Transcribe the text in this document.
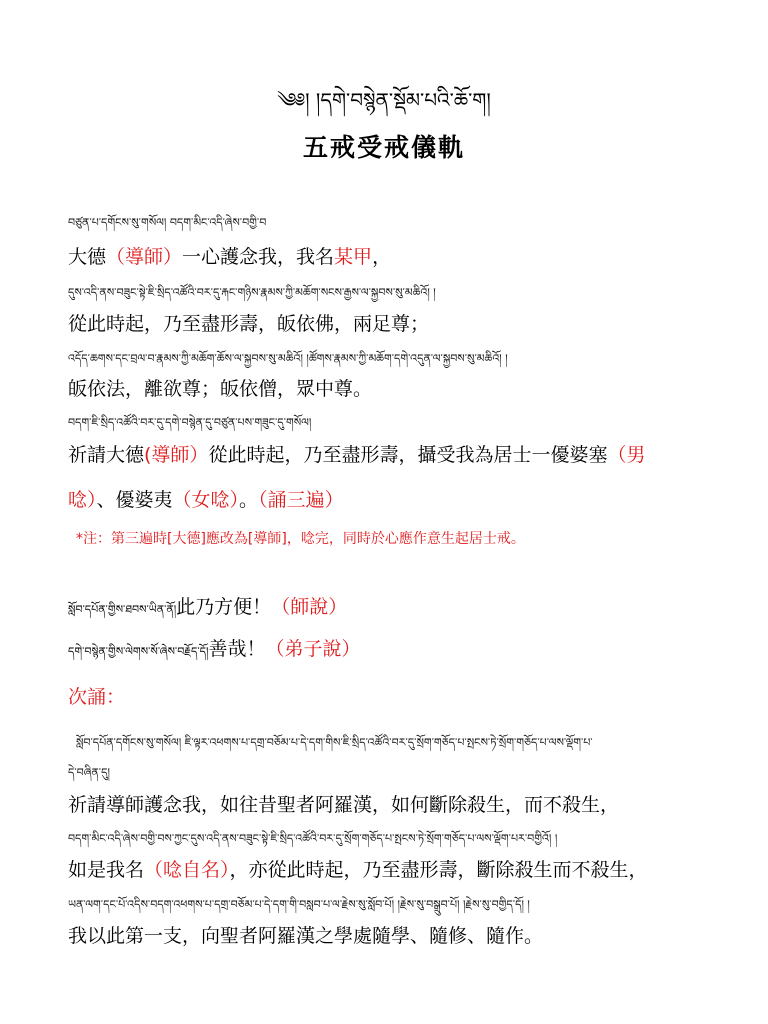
༄༅། །དགེ་བསྙེན་སྡོམ་པའི་ཆོ་ག།
五戒受戒儀軌
བཙུན་པ་དགོངས་སུ་གསོལ། བདག་མིང་འདི་ཞེས་བགྱི་བ
大德（導師）一心護念我，我名某甲，
དུས་འདི་ནས་བཟུང་སྟེ་ཇི་སྲིད་འཚོའི་བར་དུ་རྐང་གཉིས་རྣམས་ཀྱི་མཆོག་སངས་རྒྱས་ལ་སྐྱབས་སུ་མཆིའོ། །
從此時起，乃至盡形壽，皈依佛，兩足尊；
འདོད་ཆགས་དང་བྲལ་བ་རྣམས་ཀྱི་མཆོག་ཆོས་ལ་སྐྱབས་སུ་མཆིའོ། །ཚོགས་རྣམས་ཀྱི་མཆོག་དགེ་འདུན་ལ་སྐྱབས་སུ་མཆིའོ། །
皈依法，離欲尊；皈依僧，眾中尊。
བདག་ཇི་སྲིད་འཚོའི་བར་དུ་དགེ་བསྙེན་དུ་བཙུན་པས་གཟུང་དུ་གསོལ།
祈請大德(導師）從此時起，乃至盡形壽，攝受我為居士一優婆塞（男
唸）、優婆夷（女唸）。（誦三遍）
*注：第三遍時[大德]應改為[導師]，唸完，同時於心應作意生起居士戒。
སློབ་དཔོན་གྱིས་ཐབས་ཡིན་ནོ།此乃方便！（師說）
དགེ་བསྙེན་གྱིས་ལེགས་སོ་ཞེས་བརྗོད་དོ།善哉！（弟子說）
次誦：
སློབ་དཔོན་དགོངས་སུ་གསོལ། ཇི་ལྟར་འཕགས་པ་དགྲ་བཅོམ་པ་དེ་དག་གིས་ཇི་སྲིད་འཚོའི་བར་དུ་སྲོག་གཅོད་པ་སྤངས་ཏེ་སྲོག་གཅོད་པ་ལས་ལྡོག་པ་
དེ་བཞིན་དུ།
祈請導師護念我，如往昔聖者阿羅漢，如何斷除殺生，而不殺生，
བདག་མིང་འདི་ཞེས་བགྱི་བས་ཀྱང་དུས་འདི་ནས་བཟུང་སྟེ་ཇི་སྲིད་འཚོའི་བར་དུ་སྲོག་གཅོད་པ་སྤངས་ཏེ་སྲོག་གཅོད་པ་ལས་ལྡོག་པར་བགྱིའོ། །
如是我名（唸自名），亦從此時起，乃至盡形壽，斷除殺生而不殺生，
ཡན་ལག་དང་པོ་འདིས་བདག་འཕགས་པ་དགྲ་བཅོམ་པ་དེ་དག་གི་བསླབ་པ་ལ་རྗེས་སུ་སློབ་པོ། །རྗེས་སུ་བསྒྲུབ་པོ། །རྗེས་སུ་བགྱིད་དོ། །
我以此第一支，向聖者阿羅漢之學處隨學、隨修、隨作。
